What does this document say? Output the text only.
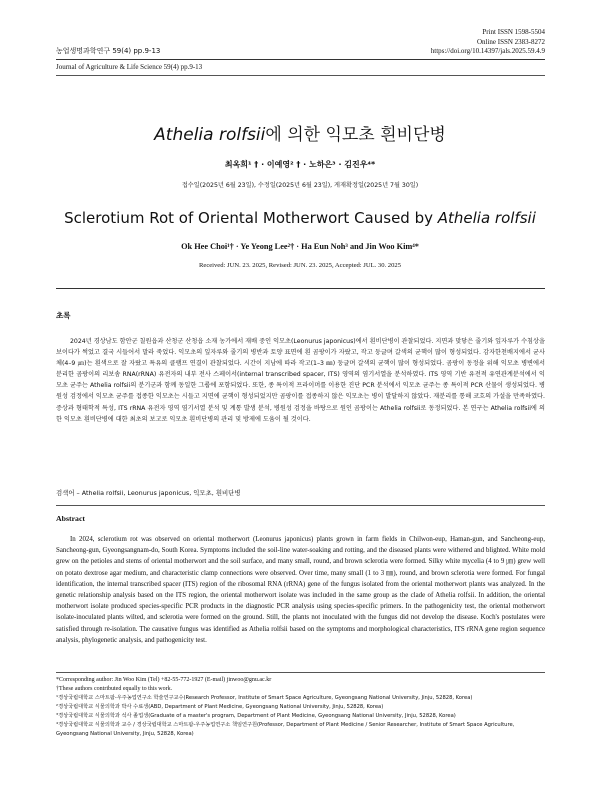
Print ISSN 1598-5504
Online ISSN 2383-8272
농업생명과학연구 59(4) pp.9-13	https://doi.org/10.14397/jals.2025.59.4.9
Journal of Agriculture & Life Science 59(4) pp.9-13
Athelia rolfsii에 의한 익모초 흰비단병
최옥희¹ † · 이예영² † · 노하은³ · 김진우⁴*
접수일(2025년 6월 23일), 수정일(2025년 6월 23일), 게재확정일(2025년 7월 30일)
Sclerotium Rot of Oriental Motherwort Caused by Athelia rolfsii
Ok Hee Choi¹† · Ye Yeong Lee²† · Ha Eun Noh³ and Jin Woo Kim⁴*
Received: JUN. 23. 2025, Revised: JUN. 23. 2025, Accepted: JUL. 30. 2025
초록
2024년 경상남도 함안군 칠원읍과 산청군 산청읍 소재 농가에서 재배 중인 익모초(Leonurus japonicus)에서 흰비단병이 관찰되었다. 지면과 맞닿은 줄기와 잎자루가 수침상을 보이다가 썩었고 결국 시들어서 말라 죽었다. 익모초의 잎자루와 줄기의 병반과 토양 표면에 흰 곰팡이가 자랐고, 작고 둥글며 갈색의 균핵이 많이 형성되었다. 감자한천배지에서 균사체(4–9 ㎛)는 흰색으로 잘 자랐고 특유의 클램프 연결이 관찰되었다. 시간이 지남에 따라 작고(1–3 ㎜) 둥글며 갈색의 균핵이 많이 형성되었다. 곰팡이 동정을 위해 익모초 병변에서 분리한 곰팡이의 리보솜 RNA(rRNA) 유전자의 내부 전사 스페이서(internal transcribed spacer, ITS) 영역의 염기서열을 분석하였다. ITS 영역 기반 유전적 유연관계분석에서 익모초 균주는 Athelia rolfsii의 분기군과 함께 동일한 그룹에 포함되었다. 또한, 종 특이적 프라이머를 이용한 진단 PCR 분석에서 익모초 균주는 종 특이적 PCR 산물이 생성되었다. 병원성 검정에서 익모초 균주를 접종한 익모초는 시들고 지면에 균핵이 형성되었지만 곰팡이를 접종하지 않은 익모초는 병이 발달하지 않았다. 재분리를 통해 코흐의 가설을 만족하였다. 증상과 형태학적 특성, ITS rRNA 유전자 영역 염기서열 분석 및 계통 발생 분석, 병원성 검정을 바탕으로 원인 곰팡이는 Athelia rolfsii로 동정되었다. 본 연구는 Athelia rolfsii에 의한 익모초 흰비단병에 대한 최초의 보고로 익모초 흰비단병의 관리 및 방제에 도움이 될 것이다.
검색어 – Athelia rolfsii, Leonurus japonicus, 익모초, 흰비단병
Abstract
In 2024, sclerotium rot was observed on oriental motherwort (Leonurus japonicus) plants grown in farm fields in Chilwon-eup, Haman-gun, and Sancheong-eup, Sancheong-gun, Gyeongsangnam-do, South Korea. Symptoms included the soil-line water-soaking and rotting, and the diseased plants were withered and blighted. White mold grew on the petioles and stems of oriental motherwort and the soil surface, and many small, round, and brown sclerotia were formed. Silky white mycelia (4 to 9 ㎛) grew well on potato dextrose agar medium, and characteristic clamp connections were observed. Over time, many small (1 to 3 ㎜), round, and brown sclerotia were formed. For fungal identification, the internal transcribed spacer (ITS) region of the ribosomal RNA (rRNA) gene of the fungus isolated from the oriental motherwort plants was analyzed. In the genetic relationship analysis based on the ITS region, the oriental motherwort isolate was included in the same group as the clade of Athelia rolfsii. In addition, the oriental motherwort isolate produced species-specific PCR products in the diagnostic PCR analysis using species-specific primers. In the pathogenicity test, the oriental motherwort isolate-inoculated plants wilted, and sclerotia were formed on the ground. Still, the plants not inoculated with the fungus did not develop the disease. Koch's postulates were satisfied through re-isolation. The causative fungus was identified as Athelia rolfsii based on the symptoms and morphological characteristics, ITS rRNA gene region sequence analysis, phylogenetic analysis, and pathogenicity test.
*Corresponding author: Jin Woo Kim (Tel) +82-55-772-1927 (E-mail) jinwoo@gnu.ac.kr
†These authors contributed equally to this work.
¹경상국립대학교 스마트팜-우주농업연구소 학술연구교수(Research Professor, Institute of Smart Space Agriculture, Gyeongsang National University, Jinju, 52828, Korea)
²경상국립대학교 식물의학과 박사 수료생(ABD, Department of Plant Medicine, Gyeongsang National University, Jinju, 52828, Korea)
³경상국립대학교 식물의학과 석사 졸업생(Graduate of a master's program, Department of Plant Medicine, Gyeongsang National University, Jinju, 52828, Korea)
⁴경상국립대학교 식물의학과 교수 / 경상국립대학교 스마트팜-우주농업연구소 책임연구원(Professor, Department of Plant Medicine / Senior Researcher, Institute of Smart Space Agriculture, Gyeongsang National University, Jinju, 52828, Korea)
